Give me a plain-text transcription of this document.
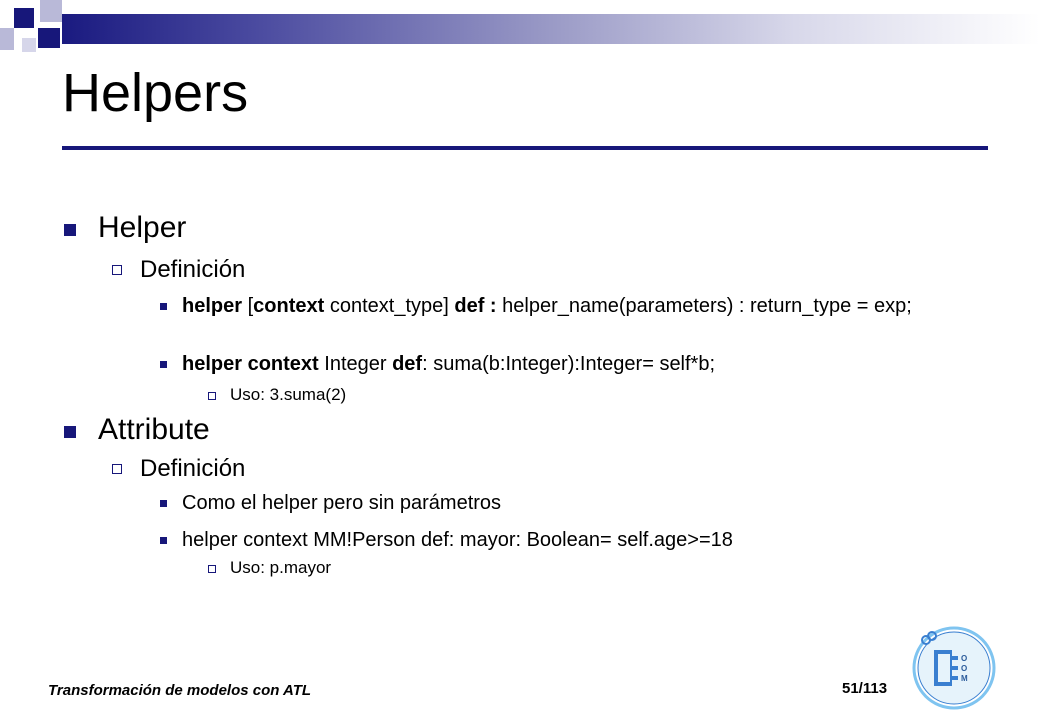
Helpers
Helper
Definición
helper [context context_type] def : helper_name(parameters) : return_type = exp;
helper context Integer def: suma(b:Integer):Integer= self*b;
Uso: 3.suma(2)
Attribute
Definición
Como el helper pero sin parámetros
helper context MM!Person def: mayor: Boolean= self.age>=18
Uso: p.mayor
Transformación de modelos con ATL	51/113
O
O
M
